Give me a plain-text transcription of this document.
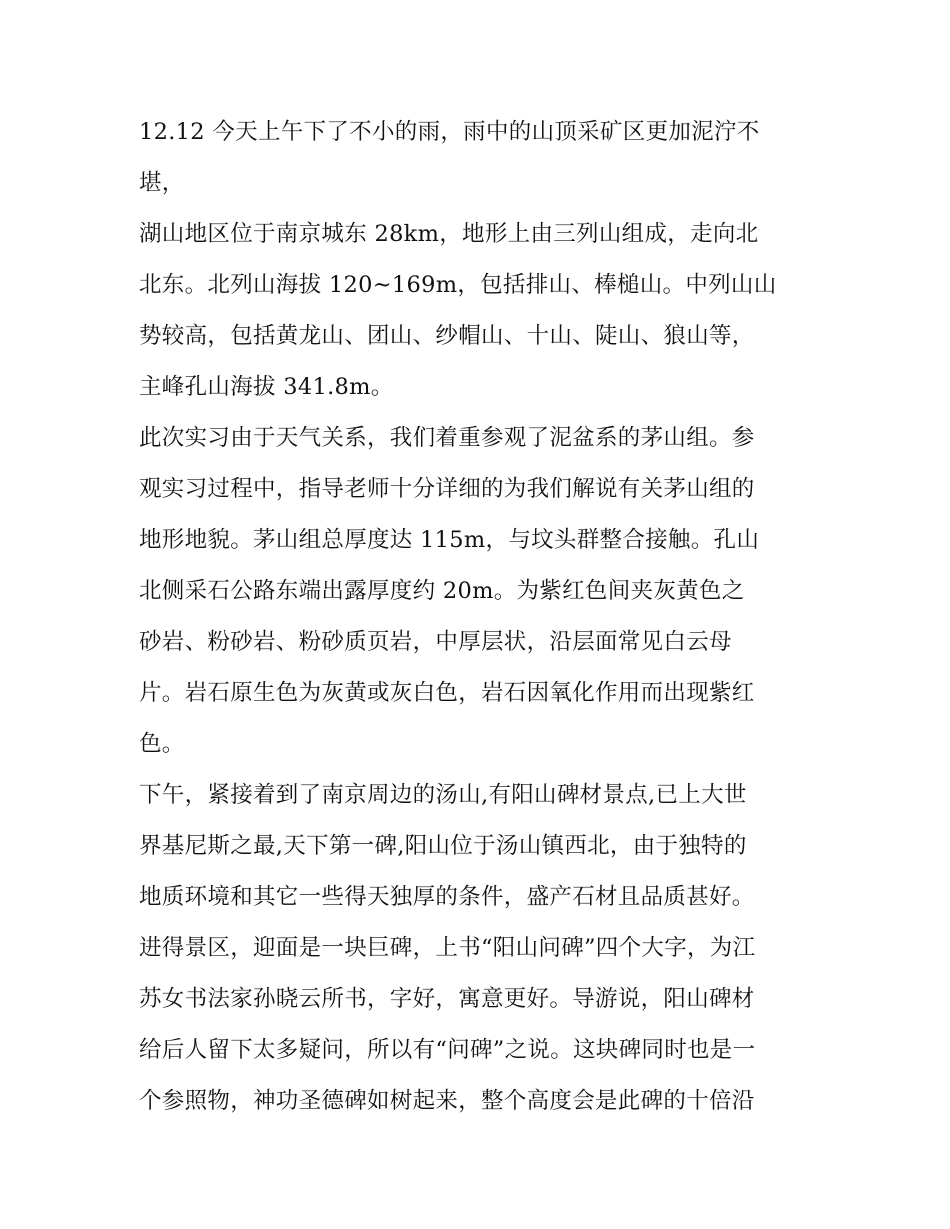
12.12 今天上午下了不小的雨，雨中的山顶采矿区更加泥泞不
堪，
湖山地区位于南京城东 28km，地形上由三列山组成，走向北
北东。北列山海拔 120~169m，包括排山、棒槌山。中列山山
势较高，包括黄龙山、团山、纱帽山、十山、陡山、狼山等，
主峰孔山海拔 341.8m。
此次实习由于天气关系，我们着重参观了泥盆系的茅山组。参
观实习过程中，指导老师十分详细的为我们解说有关茅山组的
地形地貌。茅山组总厚度达 115m，与坟头群整合接触。孔山
北侧采石公路东端出露厚度约 20m。为紫红色间夹灰黄色之
砂岩、粉砂岩、粉砂质页岩，中厚层状，沿层面常见白云母
片。岩石原生色为灰黄或灰白色，岩石因氧化作用而出现紫红
色。
下午，紧接着到了南京周边的汤山,有阳山碑材景点,已上大世
界基尼斯之最,天下第一碑,阳山位于汤山镇西北，由于独特的
地质环境和其它一些得天独厚的条件，盛产石材且品质甚好。
进得景区，迎面是一块巨碑，上书“阳山问碑”四个大字，为江
苏女书法家孙晓云所书，字好，寓意更好。导游说，阳山碑材
给后人留下太多疑问，所以有“问碑”之说。这块碑同时也是一
个参照物，神功圣德碑如树起来，整个高度会是此碑的十倍沿
